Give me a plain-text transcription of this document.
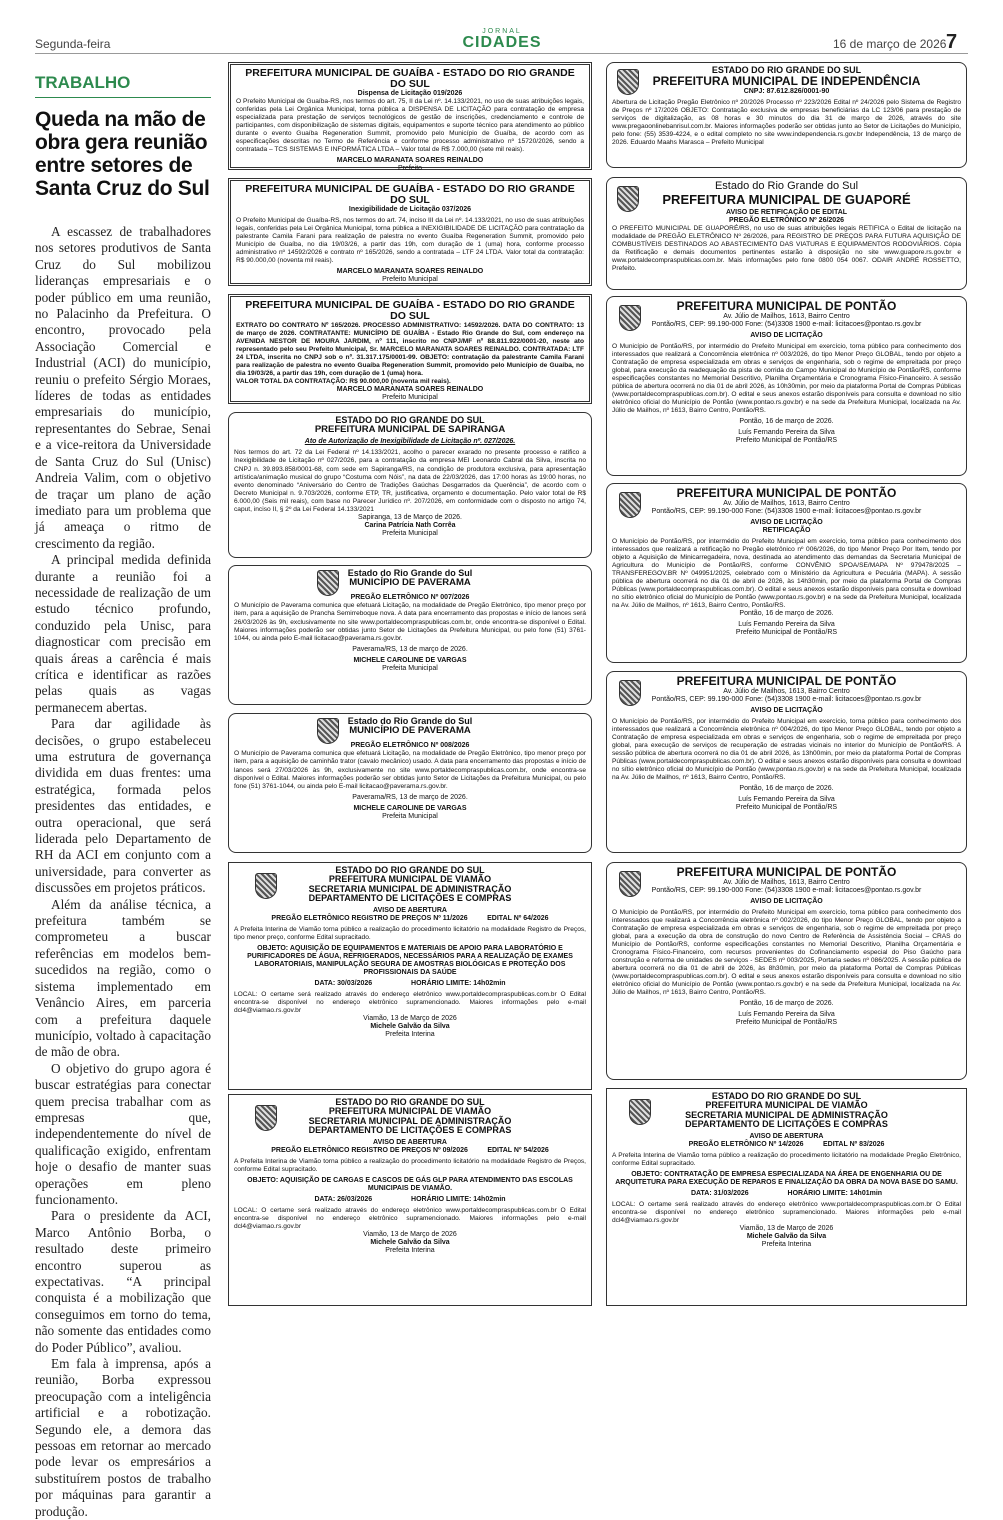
Segunda-feira
JORNAL
CIDADES	16 de março de 2026 7
TRABALHO
Queda na mão de obra gera reunião entre setores de Santa Cruz do Sul

A escassez de trabalhadores nos setores produtivos de Santa Cruz do Sul mobilizou lideranças empresariais e o poder público em uma reunião, no Palacinho da Prefeitura. O encontro, provocado pela Associação Comercial e Industrial (ACI) do município, reuniu o prefeito Sérgio Moraes, líderes de todas as entidades empresariais do município, representantes do Sebrae, Senai e a vice-reitora da Universidade de Santa Cruz do Sul (Unisc) Andreia Valim, com o objetivo de traçar um plano de ação imediato para um problema que já ameaça o ritmo de crescimento da região.

A principal medida definida durante a reunião foi a necessidade de realização de um estudo técnico profundo, conduzido pela Unisc, para diagnosticar com precisão em quais áreas a carência é mais crítica e identificar as razões pelas quais as vagas permanecem abertas.

Para dar agilidade às decisões, o grupo estabeleceu uma estrutura de governança dividida em duas frentes: uma estratégica, formada pelos presidentes das entidades, e outra operacional, que será liderada pelo Departamento de RH da ACI em conjunto com a universidade, para converter as discussões em projetos práticos.

Além da análise técnica, a prefeitura também se comprometeu a buscar referências em modelos bem-sucedidos na região, como o sistema implementado em Venâncio Aires, em parceria com a prefeitura daquele município, voltado à capacitação de mão de obra.

O objetivo do grupo agora é buscar estratégias para conectar quem precisa trabalhar com as empresas que, independentemente do nível de qualificação exigido, enfrentam hoje o desafio de manter suas operações em pleno funcionamento.

Para o presidente da ACI, Marco Antônio Borba, o resultado deste primeiro encontro superou as expectativas. “A principal conquista é a mobilização que conseguimos em torno do tema, não somente das entidades como do Poder Público”, avaliou.

Em fala à imprensa, após a reunião, Borba expressou preocupação com a inteligência artificial e a robotização. Segundo ele, a demora das pessoas em retornar ao mercado pode levar os empresários a substituírem postos de trabalho por máquinas para garantir a produção.

PREFEITURA MUNICIPAL DE GUAÍBA - ESTADO DO RIO GRANDE DO SUL
Dispensa de Licitação 019/2026
O Prefeito Municipal de Guaíba-RS, nos termos do art. 75, II da Lei nº. 14.133/2021, no uso de suas atribuições legais, conferidas pela Lei Orgânica Municipal, torna pública a DISPENSA DE LICITAÇÃO para contratação de empresa especializada para prestação de serviços tecnológicos de gestão de inscrições, credenciamento e controle de participantes, com disponibilização de sistemas digitais, equipamentos e suporte técnico para atendimento ao público durante o evento Guaíba Regeneration Summit, promovido pelo Município de Guaíba, de acordo com as especificações descritas no Termo de Referência e conforme processo administrativo nº 15720/2026, sendo a contratada – TCS SISTEMAS E INFORMÁTICA LTDA – Valor total de R$ 7.000,00 (sete mil reais).
MARCELO MARANATA SOARES REINALDO
Prefeito
PREFEITURA MUNICIPAL DE GUAÍBA - ESTADO DO RIO GRANDE DO SUL
Inexigibilidade de Licitação 037/2026
O Prefeito Municipal de Guaíba-RS, nos termos do art. 74, inciso III da Lei nº. 14.133/2021, no uso de suas atribuições legais, conferidas pela Lei Orgânica Municipal, torna pública a INEXIGIBILIDADE DE LICITAÇÃO para contratação da palestrante Camila Farani para realização de palestra no evento Guaíba Regeneration Summit, promovido pelo Município de Guaíba, no dia 19/03/26, a partir das 19h, com duração de 1 (uma) hora, conforme processo administrativo nº 14592/2026 e contrato nº 165/2026, sendo a contratada – LTF 24 LTDA. Valor total da contratação: R$ 90.000,00 (noventa mil reais).
MARCELO MARANATA SOARES REINALDO
Prefeito Municipal
PREFEITURA MUNICIPAL DE GUAÍBA - ESTADO DO RIO GRANDE DO SUL
EXTRATO DO CONTRATO Nº 165/2026. PROCESSO ADMINISTRATIVO: 14592/2026. DATA DO CONTRATO: 13 de março de 2026. CONTRATANTE: MUNICÍPIO DE GUAÍBA - Estado Rio Grande do Sul, com endereço na AVENIDA NESTOR DE MOURA JARDIM, nº 111, inscrito no CNPJ/MF nº 88.811.922/0001-20, neste ato representado pelo seu Prefeito Municipal, Sr. MARCELO MARANATA SOARES REINALDO. CONTRATADA: LTF 24 LTDA, inscrita no CNPJ sob o nº. 31.317.175/0001-99. OBJETO: contratação da palestrante Camila Farani para realização de palestra no evento Guaíba Regeneration Summit, promovido pelo Município de Guaíba, no dia 19/03/26, a partir das 19h, com duração de 1 (uma) hora.
VALOR TOTAL DA CONTRATAÇÃO: R$ 90.000,00 (noventa mil reais).
MARCELO MARANATA SOARES REINALDO
Prefeito Municipal
ESTADO DO RIO GRANDE DO SUL
PREFEITURA MUNICIPAL DE SAPIRANGA
Ato de Autorização de Inexigibilidade de Licitação nº. 027/2026.
Nos termos do art. 72 da Lei Federal nº 14.133/2021, acolho o parecer exarado no presente processo e ratifico a Inexigibilidade de Licitação nº 027/2026, para a contratação da empresa MEI Leonardo Cabral da Silva, inscrita no CNPJ n. 39.893.858/0001-68, com sede em Sapiranga/RS, na condição de produtora exclusiva, para apresentação artística/animação musical do grupo “Costuma com Nóis”, na data de 22/03/2026, das 17:00 horas às 19:00 horas, no evento denominado “Aniversário do Centro de Tradições Gaúchas Desgarrados da Querência”, de acordo com o Decreto Municipal n. 9.703/2026, conforme ETP, TR, justificativa, orçamento e documentação. Pelo valor total de R$ 6.000,00 (Seis mil reais), com base no Parecer Jurídico nº. 207/2026, em conformidade com o disposto no artigo 74, caput, inciso II, § 2º da Lei Federal 14.133/2021
Sapiranga, 13 de Março de 2026.
Carina Patrícia Nath Corrêa
Prefeita Municipal
Estado do Rio Grande do Sul
MUNICÍPIO DE PAVERAMA
PREGÃO ELETRÔNICO Nº 007/2026
O Município de Paverama comunica que efetuará Licitação, na modalidade de Pregão Eletrônico, tipo menor preço por item, para a aquisição de Prancha Semirreboque nova. A data para encerramento das propostas e início de lances será 26/03/2026 às 9h, exclusivamente no site www.portaldecompraspublicas.com.br, onde encontra-se disponível o Edital. Maiores informações poderão ser obtidas junto Setor de Licitações da Prefeitura Municipal, ou pelo fone (51) 3761-1044, ou ainda pelo E-mail licitacao@paverama.rs.gov.br.
Paverama/RS, 13 de março de 2026.
MICHELE CAROLINE DE VARGAS
Prefeita Municipal
Estado do Rio Grande do Sul
MUNICÍPIO DE PAVERAMA
PREGÃO ELETRÔNICO Nº 008/2026
O Município de Paverama comunica que efetuará Licitação, na modalidade de Pregão Eletrônico, tipo menor preço por item, para a aquisição de caminhão trator (cavalo mecânico) usado. A data para encerramento das propostas e início de lances será 27/03/2026 às 9h, exclusivamente no site www.portaldecompraspublicas.com.br, onde encontra-se disponível o Edital. Maiores informações poderão ser obtidas junto Setor de Licitações da Prefeitura Municipal, ou pelo fone (51) 3761-1044, ou ainda pelo E-mail licitacao@paverama.rs.gov.br.
Paverama/RS, 13 de março de 2026.
MICHELE CAROLINE DE VARGAS
Prefeita Municipal
ESTADO DO RIO GRANDE DO SUL
PREFEITURA MUNICIPAL DE VIAMÃO
SECRETARIA MUNICIPAL DE ADMINISTRAÇÃO
DEPARTAMENTO DE LICITAÇÕES E COMPRAS
AVISO DE ABERTURA
PREGÃO ELETRÔNICO REGISTRO DE PREÇOS Nº 11/2026          EDITAL Nº 64/2026
A Prefeita Interina de Viamão torna público a realização do procedimento licitatório na modalidade Registro de Preços, tipo menor preço, conforme Edital supracitado.
OBJETO: AQUISIÇÃO DE EQUIPAMENTOS E MATERIAIS DE APOIO PARA LABORATÓRIO E PURIFICADORES DE ÁGUA, REFRIGERADOS, NECESSÁRIOS PARA A REALIZAÇÃO DE EXAMES LABORATORIAIS, MANIPULAÇÃO SEGURA DE AMOSTRAS BIOLÓGICAS E PROTEÇÃO DOS PROFISSIONAIS DA SAÚDE
DATA: 30/03/2026                    HORÁRIO LIMITE: 14h02min
LOCAL: O certame será realizado através do endereço eletrônico www.portaldecompraspublicas.com.br O Edital encontra-se disponível no endereço eletrônico supramencionado. Maiores informações pelo e-mail dcl4@viamao.rs.gov.br
Viamão, 13 de Março de 2026
Michele Galvão da Silva
Prefeita Interina
ESTADO DO RIO GRANDE DO SUL
PREFEITURA MUNICIPAL DE VIAMÃO
SECRETARIA MUNICIPAL DE ADMINISTRAÇÃO
DEPARTAMENTO DE LICITAÇÕES E COMPRAS
AVISO DE ABERTURA
PREGÃO ELETRÔNICO REGISTRO DE PREÇOS Nº 09/2026          EDITAL Nº 54/2026
A Prefeita Interina de Viamão torna público a realização do procedimento licitatório na modalidade Registro de Preços, conforme Edital supracitado.
OBJETO: AQUISIÇÃO DE CARGAS E CASCOS DE GÁS GLP PARA ATENDIMENTO DAS ESCOLAS MUNICIPAIS DE VIAMÃO.
DATA: 26/03/2026                    HORÁRIO LIMITE: 14h02min
LOCAL: O certame será realizado através do endereço eletrônico www.portaldecompraspublicas.com.br O Edital encontra-se disponível no endereço eletrônico supramencionado. Maiores informações pelo e-mail dcl4@viamao.rs.gov.br
Viamão, 13 de Março de 2026
Michele Galvão da Silva
Prefeita Interina
ESTADO DO RIO GRANDE DO SUL
PREFEITURA MUNICIPAL DE INDEPENDÊNCIA
CNPJ: 87.612.826/0001-90
Abertura de Licitação Pregão Eletrônico nº 20/2026 Processo nº 223/2026 Edital nº 24/2026 pelo Sistema de Registro de Preços nº 17/2026 OBJETO: Contratação exclusiva de empresas beneficiárias da LC 123/06 para prestação de serviços de digitalização, as 08 horas e 30 minutos do dia 31 de março de 2026, através do site www.pregaoonlinebanrisul.com.br. Maiores informações poderão ser obtidas junto ao Setor de Licitações do Município, pelo fone: (55) 3539-4224, e o edital completo no site www.independencia.rs.gov.br Independência, 13 de março de 2026. Eduardo Maahs Marasca – Prefeito Municipal
Estado do Rio Grande do Sul
PREFEITURA MUNICIPAL DE GUAPORÉ
AVISO DE RETIFICAÇÃO DE EDITAL
PREGÃO ELETRÔNICO Nº 26/2026
O PREFEITO MUNICIPAL DE GUAPORÉ/RS, no uso de suas atribuições legais RETIFICA o Edital de licitação na modalidade de PREGÃO ELETRÔNICO Nº 26/2026, para REGISTRO DE PREÇOS PARA FUTURA AQUISIÇÃO DE COMBUSTÍVEIS DESTINADOS AO ABASTECIMENTO DAS VIATURAS E EQUIPAMENTOS RODOVIÁRIOS. Cópia da Retificação e demais documentos pertinentes estarão à disposição no site www.guapore.rs.gov.br e www.portaldecompraspublicas.com.br. Mais informações pelo fone 0800 054 0067. ODAIR ANDRÉ ROSSETTO, Prefeito.
PREFEITURA MUNICIPAL DE PONTÃO
Av. Júlio de Mailhos, 1613, Bairro Centro
Pontão/RS, CEP: 99.190-000 Fone: (54)3308 1900 e-mail: licitacoes@pontao.rs.gov.br
AVISO DE LICITAÇÃO
O Município de Pontão/RS, por intermédio do Prefeito Municipal em exercício, torna público para conhecimento dos interessados que realizará a Concorrência eletrônica nº 003/2026, do tipo Menor Preço GLOBAL, tendo por objeto a Contratação de empresa especializada em obras e serviços de engenharia, sob o regime de empreitada por preço global, para execução da readequação da pista de corrida do Campo Municipal do Município de Pontão/RS, conforme especificações constantes no Memorial Descritivo, Planilha Orçamentária e Cronograma Físico-Financeiro. A sessão pública de abertura ocorrerá no dia 01 de abril 2026, às 10h30min, por meio da plataforma Portal de Compras Públicas (www.portaldecompraspublicas.com.br). O edital e seus anexos estarão disponíveis para consulta e download no sítio eletrônico oficial do Município de Pontão (www.pontao.rs.gov.br) e na sede da Prefeitura Municipal, localizada na Av. Júlio de Mailhos, nº 1613, Bairro Centro, Pontão/RS.
Pontão, 16 de março de 2026.
Luís Fernando Pereira da Silva
Prefeito Municipal de Pontão/RS
PREFEITURA MUNICIPAL DE PONTÃO
Av. Júlio de Mailhos, 1613, Bairro Centro
Pontão/RS, CEP: 99.190-000 Fone: (54)3308 1900 e-mail: licitacoes@pontao.rs.gov.br
AVISO DE LICITAÇÃO
RETIFICAÇÃO
O Município de Pontão/RS, por intermédio do Prefeito Municipal em exercício, torna público para conhecimento dos interessados que realizará a retificação no Pregão eletrônico nº 006/2026, do tipo Menor Preço Por Item, tendo por objeto a Aquisição de Minicarregadeira, nova, destinada ao atendimento das demandas da Secretaria Municipal de Agricultura do Município de Pontão/RS, conforme CONVÊNIO SPOA/SE/MAPA Nº 979478/2025 – TRANSFEREGOV.BR Nº 049951/2025, celebrado com o Ministério da Agricultura e Pecuária (MAPA). A sessão pública de abertura ocorrerá no dia 01 de abril de 2026, às 14h30min, por meio da plataforma Portal de Compras Públicas (www.portaldecompraspublicas.com.br). O edital e seus anexos estarão disponíveis para consulta e download no sítio eletrônico oficial do Município de Pontão (www.pontao.rs.gov.br) e na sede da Prefeitura Municipal, localizada na Av. Júlio de Mailhos, nº 1613, Bairro Centro, Pontão/RS.
Pontão, 16 de março de 2026.
Luís Fernando Pereira da Silva
Prefeito Municipal de Pontão/RS
PREFEITURA MUNICIPAL DE PONTÃO
Av. Júlio de Mailhos, 1613, Bairro Centro
Pontão/RS, CEP: 99.190-000 Fone: (54)3308 1900 e-mail: licitacoes@pontao.rs.gov.br
AVISO DE LICITAÇÃO
O Município de Pontão/RS, por intermédio do Prefeito Municipal em exercício, torna público para conhecimento dos interessados que realizará a Concorrência eletrônica nº 004/2026, do tipo Menor Preço GLOBAL, tendo por objeto a Contratação de empresa especializada em obras e serviços de engenharia, sob o regime de empreitada por preço global, para execução de serviços de recuperação de estradas vicinais no interior do Município de Pontão/RS. A sessão pública de abertura ocorrerá no dia 01 de abril 2026, às 13h00min, por meio da plataforma Portal de Compras Públicas (www.portaldecompraspublicas.com.br). O edital e seus anexos estarão disponíveis para consulta e download no sítio eletrônico oficial do Município de Pontão (www.pontao.rs.gov.br) e na sede da Prefeitura Municipal, localizada na Av. Júlio de Mailhos, nº 1613, Bairro Centro, Pontão/RS.
Pontão, 16 de março de 2026.
Luís Fernando Pereira da Silva
Prefeito Municipal de Pontão/RS
PREFEITURA MUNICIPAL DE PONTÃO
Av. Júlio de Mailhos, 1613, Bairro Centro
Pontão/RS, CEP: 99.190-000 Fone: (54)3308 1900 e-mail: licitacoes@pontao.rs.gov.br
AVISO DE LICITAÇÃO
O Município de Pontão/RS, por intermédio do Prefeito Municipal em exercício, torna público para conhecimento dos interessados que realizará a Concorrência eletrônica nº 002/2026, do tipo Menor Preço GLOBAL, tendo por objeto a Contratação de empresa especializada em obras e serviços de engenharia, sob o regime de empreitada por preço global, para a execução da obra de construção do novo Centro de Referência de Assistência Social – CRAS do Município de Pontão/RS, conforme especificações constantes no Memorial Descritivo, Planilha Orçamentária e Cronograma Físico-Financeiro, com recursos provenientes do Cofinanciamento especial do Piso Gaúcho para construção e reforma de unidades de serviços - SEDES nº 003/2025, Portaria sedes nº 086/2025. A sessão pública de abertura ocorrerá no dia 01 de abril de 2026, às 8h30min, por meio da plataforma Portal de Compras Públicas (www.portaldecompraspublicas.com.br). O edital e seus anexos estarão disponíveis para consulta e download no sítio eletrônico oficial do Município de Pontão (www.pontao.rs.gov.br) e na sede da Prefeitura Municipal, localizada na Av. Júlio de Mailhos, nº 1613, Bairro Centro, Pontão/RS.
Pontão, 16 de março de 2026.
Luís Fernando Pereira da Silva
Prefeito Municipal de Pontão/RS
ESTADO DO RIO GRANDE DO SUL
PREFEITURA MUNICIPAL DE VIAMÃO
SECRETARIA MUNICIPAL DE ADMINISTRAÇÃO
DEPARTAMENTO DE LICITAÇÕES E COMPRAS
AVISO DE ABERTURA
PREGÃO ELETRÔNICO Nº 14/2026          EDITAL Nº 83/2026
A Prefeita Interina de Viamão torna público a realização do procedimento licitatório na modalidade Pregão Eletrônico, conforme Edital supracitado.
OBJETO: CONTRATAÇÃO DE EMPRESA ESPECIALIZADA NA ÁREA DE ENGENHARIA OU DE ARQUITETURA PARA EXECUÇÃO DE REPAROS E FINALIZAÇÃO DA OBRA DA NOVA BASE DO SAMU.
DATA: 31/03/2026                    HORÁRIO LIMITE: 14h01min
LOCAL: O certame será realizado através do endereço eletrônico www.portaldecompraspublicas.com.br O Edital encontra-se disponível no endereço eletrônico supramencionado. Maiores informações pelo e-mail dcl4@viamao.rs.gov.br
Viamão, 13 de Março de 2026
Michele Galvão da Silva
Prefeita Interina
